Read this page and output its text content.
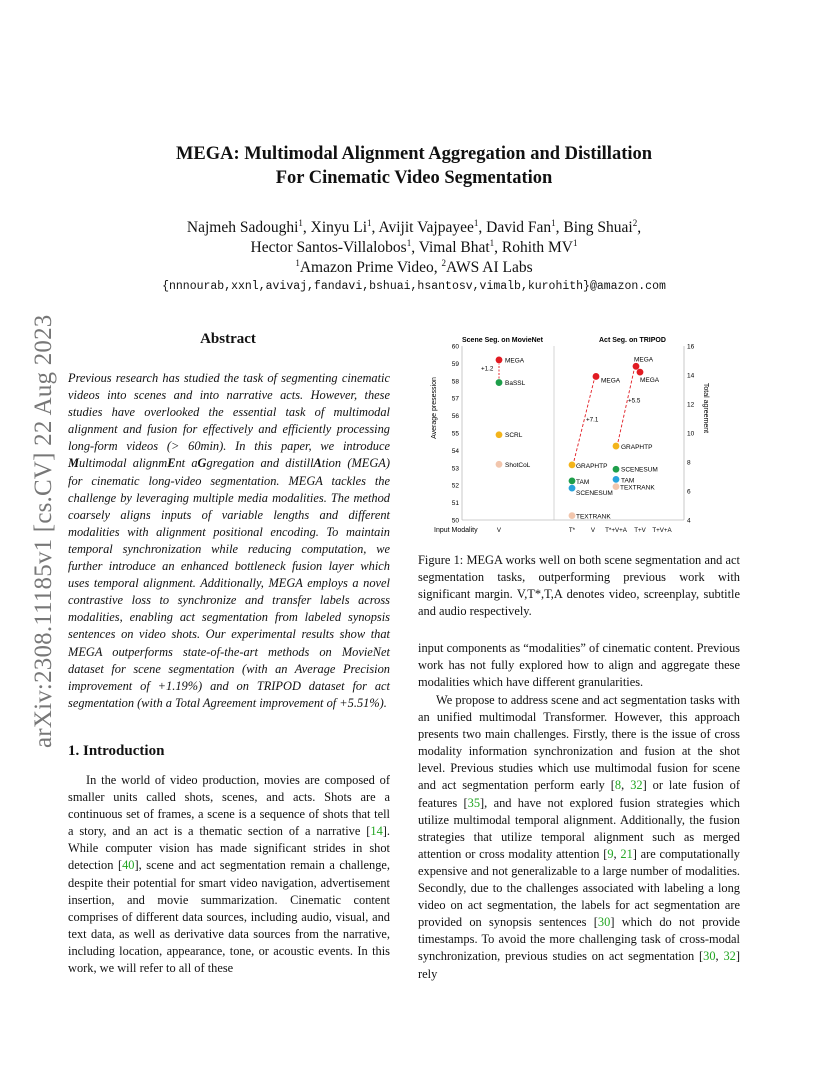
arXiv:2308.11185v1 [cs.CV] 22 Aug 2023
MEGA: Multimodal Alignment Aggregation and Distillation
For Cinematic Video Segmentation
Najmeh Sadoughi$^1$, Xinyu Li$^1$, Avijit Vajpayee$^1$, David Fan$^1$, Bing Shuai$^2$,
Hector Santos-Villalobos$^1$, Vimal Bhat$^1$, Rohith $MV^1$
$^1$Amazon Prime Video, $^2$AWS AI Labs
{nnnourab,xxnl,avivaj,fandavi,bshuai,hsantosv,vimalb,kurohith}@amazon.com
Abstract
Previous research has studied the task of segmenting cinematic videos into scenes and into narrative acts. However, these studies have overlooked the essential task of multimodal alignment and fusion for effectively and efficiently processing long-form videos (> 60min). In this paper, we introduce Multimodal alignmEnt aGgregation and distillAtion (MEGA) for cinematic long-video segmentation. MEGA tackles the challenge by leveraging multiple media modalities. The method coarsely aligns inputs of variable lengths and different modalities with alignment positional encoding. To maintain temporal synchronization while reducing computation, we further introduce an enhanced bottleneck fusion layer which uses temporal alignment. Additionally, MEGA employs a novel contrastive loss to synchronize and transfer labels across modalities, enabling act segmentation from labeled synopsis sentences on video shots. Our experimental results show that MEGA outperforms state-of-the-art methods on MovieNet dataset for scene segmentation (with an Average Precision improvement of +1.19%) and on TRIPOD dataset for act segmentation (with a Total Agreement improvement of +5.51%).
1. Introduction
In the world of video production, movies are composed of smaller units called shots, scenes, and acts. Shots are a continuous set of frames, a scene is a sequence of shots that tell a story, and an act is a thematic section of a narrative [14]. While computer vision has made significant strides in shot detection [40], scene and act segmentation remain a challenge, despite their potential for smart video navigation, advertisement insertion, and movie summarization. Cinematic content comprises of different data sources, including audio, visual, and text data, as well as derivative data sources from the narrative, including location, appearance, tone, or acoustic events. In this work, we will refer to all of these
Scene Seg. on MovieNet	Act Seg. on TRIPOD
Average presession	Total agreement
Input Modality
50
51
52
53
54
55
56
57
58
59
60
4
6
8
10
12
14
16
V	T*	V T*+V+A T+V T+V+A
MEGA
BaSSL
SCRL
ShotCoL
MEGA
GRAPHTP
TAM
SCENESUM
TEXTRANK
MEGA
GRAPHTP
SCENESUM
TAM
TEXTRANK
MEGA
+1.2
+7.1
+5.5
Figure 1: MEGA works well on both scene segmentation and act segmentation tasks, outperforming previous work with significant margin. V,T*,T,A denotes video, screenplay, subtitle and audio respectively.
input components as “modalities” of cinematic content. Previous work has not fully explored how to align and aggregate these modalities which have different granularities.
We propose to address scene and act segmentation tasks with an unified multimodal Transformer. However, this approach presents two main challenges. Firstly, there is the issue of cross modality information synchronization and fusion at the shot level. Previous studies which use multimodal fusion for scene and act segmentation perform early [8, 32] or late fusion of features [35], and have not explored fusion strategies which utilize multimodal temporal alignment. Additionally, the fusion strategies that utilize temporal alignment such as merged attention or cross modality attention [9, 21] are computationally expensive and not generalizable to a large number of modalities. Secondly, due to the challenges associated with labeling a long video on act segmentation, the labels for act segmentation are provided on synopsis sentences [30] which do not provide timestamps. To avoid the more challenging task of cross-modal synchronization, previous studies on act segmentation [30, 32] rely
